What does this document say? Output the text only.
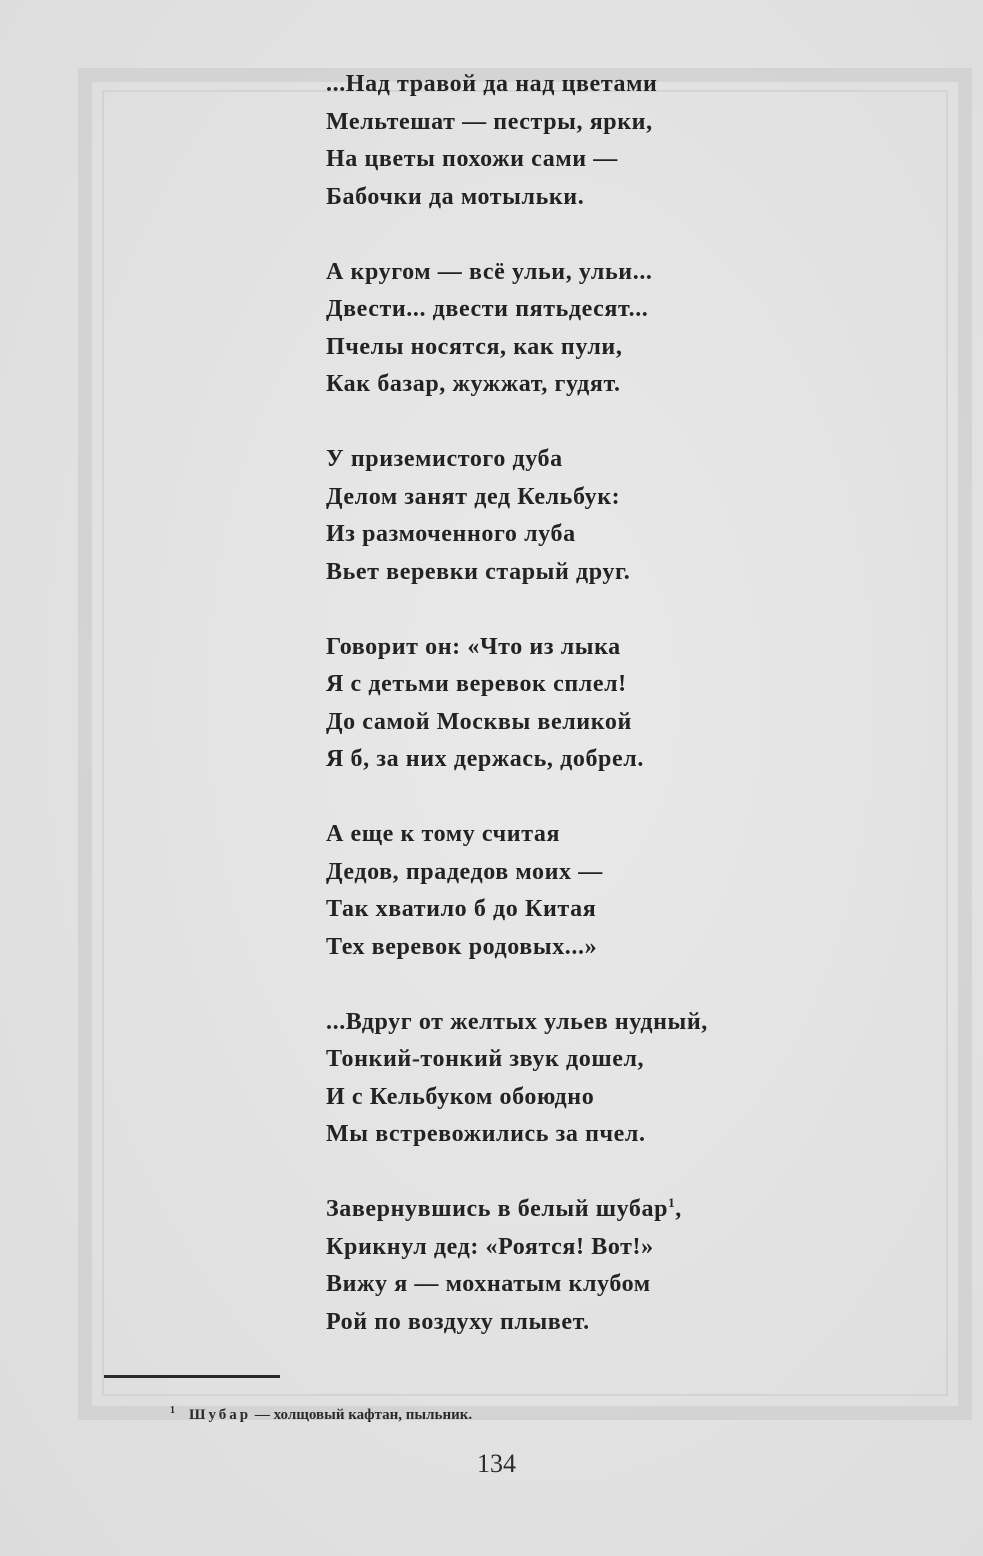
...Над травой да над цветами
Мельтешат — пестры, ярки,
На цветы похожи сами —
Бабочки да мотыльки.
А кругом — всё ульи, ульи...
Двести... двести пятьдесят...
Пчелы носятся, как пули,
Как базар, жужжат, гудят.
У приземистого дуба
Делом занят дед Кельбук:
Из размоченного луба
Вьет веревки старый друг.
Говорит он: «Что из лыка
Я с детьми веревок сплел!
До самой Москвы великой
Я б, за них держась, добрел.
А еще к тому считая
Дедов, прадедов моих —
Так хватило б до Китая
Тех веревок родовых...»
...Вдруг от желтых ульев нудный,
Тонкий-тонкий звук дошел,
И с Кельбуком обоюдно
Мы встревожились за пчел.
Завернувшись в белый шубар$^1$,
Крикнул дед: «Роятся! Вот!»
Вижу я — мохнатым клубом
Рой по воздуху плывет.
$^1$ Шубар — холщовый кафтан, пыльник.
134
